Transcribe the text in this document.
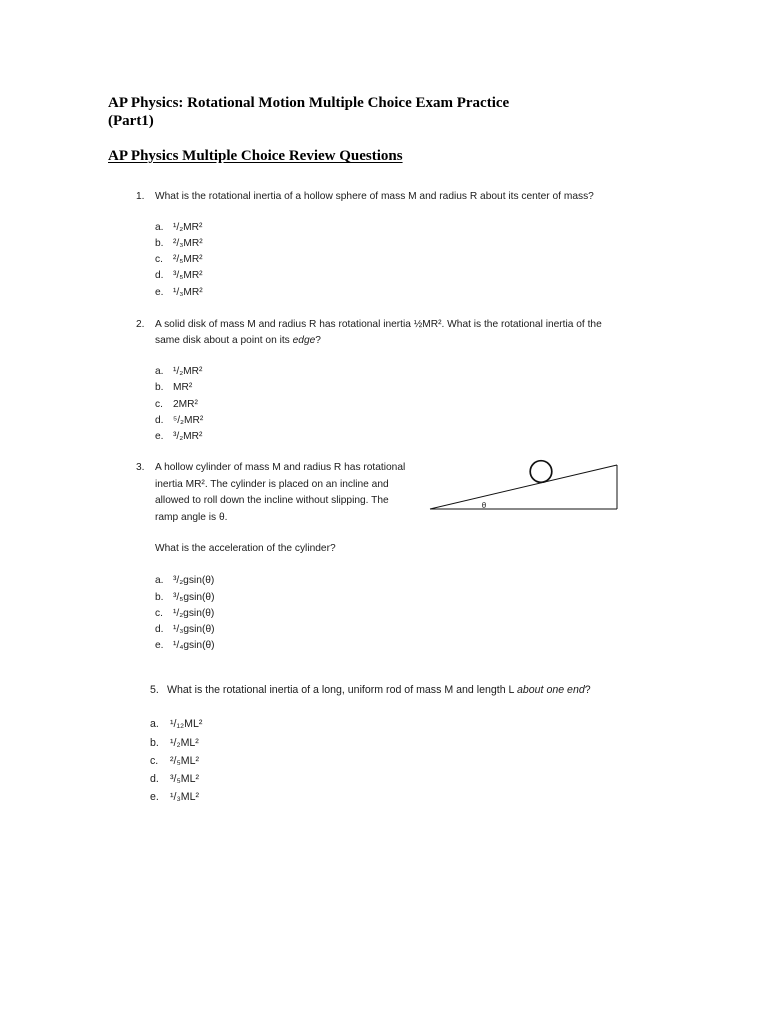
AP Physics: Rotational Motion Multiple Choice Exam Practice
(Part1)
AP Physics Multiple Choice Review Questions
1. What is the rotational inertia of a hollow sphere of mass M and radius R about its center of mass?
a. ¹/₂MR²
b. ²/₃MR²
c. ²/₅MR²
d. ³/₅MR²
e. ¹/₃MR²
2. A solid disk of mass M and radius R has rotational inertia ½MR². What is the rotational inertia of the
same disk about a point on its edge?
a. ¹/₂MR²
b. MR²
c. 2MR²
d. ⁵/₂MR²
e. ³/₂MR²
3. A hollow cylinder of mass M and radius R has rotational
inertia MR². The cylinder is placed on an incline and
allowed to roll down the incline without slipping. The
ramp angle is θ.
θ
What is the acceleration of the cylinder?
a. ³/₂gsin(θ)
b. ³/₅gsin(θ)
c. ¹/₂gsin(θ)
d. ¹/₃gsin(θ)
e. ¹/₄gsin(θ)
5. What is the rotational inertia of a long, uniform rod of mass M and length L about one end?
a.	¹/₁₂ML²
b.	¹/₂ML²
c.	²/₅ML²
d.	³/₅ML²
e.	¹/₃ML²
